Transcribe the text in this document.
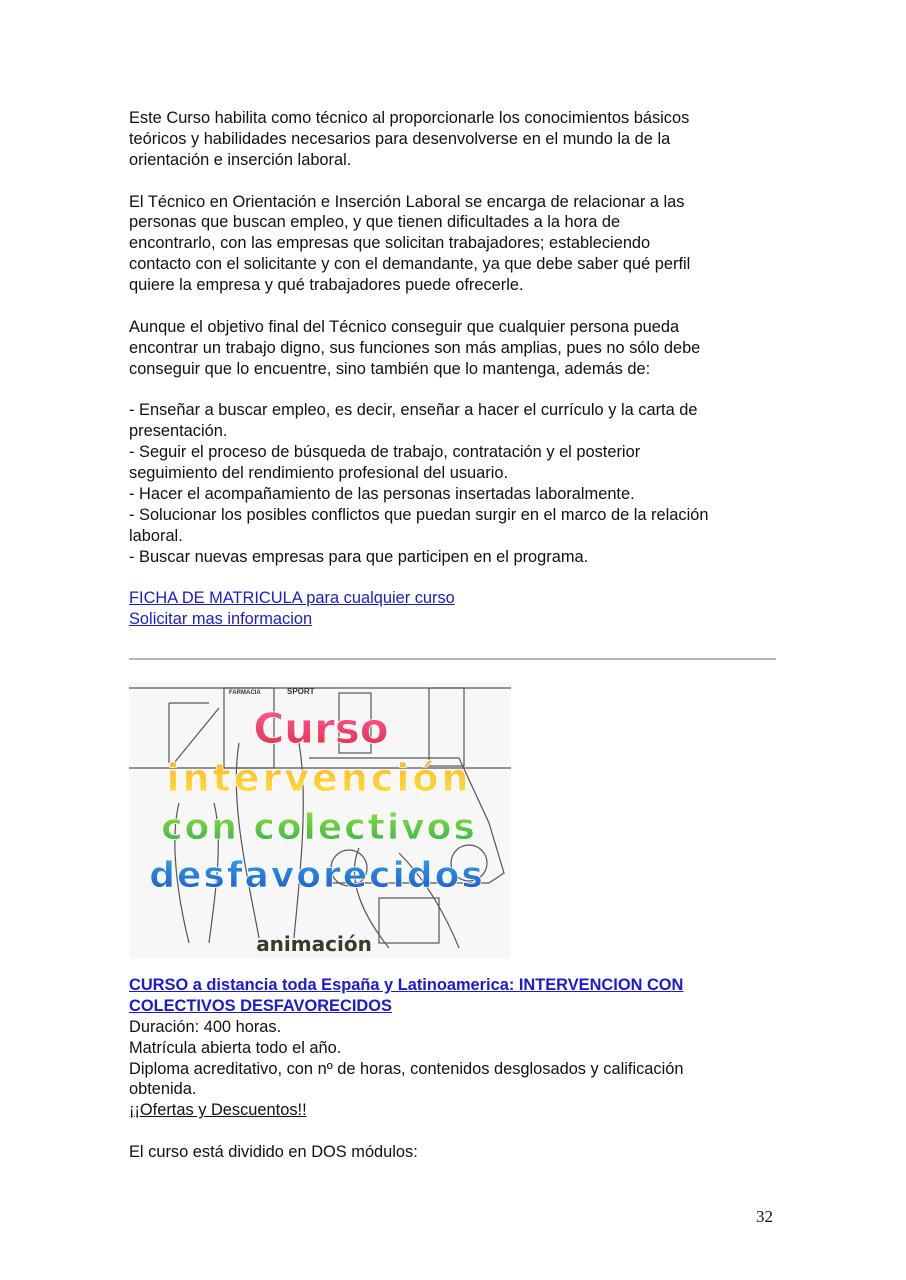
Este Curso habilita como técnico al proporcionarle los conocimientos básicos
teóricos y habilidades necesarios para desenvolverse en el mundo la de la
orientación e inserción laboral.
El Técnico en Orientación e Inserción Laboral se encarga de relacionar a las
personas que buscan empleo, y que tienen dificultades a la hora de
encontrarlo, con las empresas que solicitan trabajadores; estableciendo
contacto con el solicitante y con el demandante, ya que debe saber qué perfil
quiere la empresa y qué trabajadores puede ofrecerle.
Aunque el objetivo final del Técnico conseguir que cualquier persona pueda
encontrar un trabajo digno, sus funciones son más amplias, pues no sólo debe
conseguir que lo encuentre, sino también que lo mantenga, además de:
- Enseñar a buscar empleo, es decir, enseñar a hacer el currículo y la carta de
presentación.
- Seguir el proceso de búsqueda de trabajo, contratación y el posterior
seguimiento del rendimiento profesional del usuario.
- Hacer el acompañamiento de las personas insertadas laboralmente.
- Solucionar los posibles conflictos que puedan surgir en el marco de la relación
laboral.
- Buscar nuevas empresas para que participen en el programa.
FICHA DE MATRICULA para cualquier curso
Solicitar mas informacion
FARMACIA	SPORT
Curso
intervención
con colectivos
desfavorecidos
animación
CURSO a distancia toda España y Latinoamerica: INTERVENCION CON
COLECTIVOS DESFAVORECIDOS
Duración: 400 horas.
Matrícula abierta todo el año.
Diploma acreditativo, con nº de horas, contenidos desglosados y calificación
obtenida.
¡¡Ofertas y Descuentos!!
El curso está dividido en DOS módulos:
32
